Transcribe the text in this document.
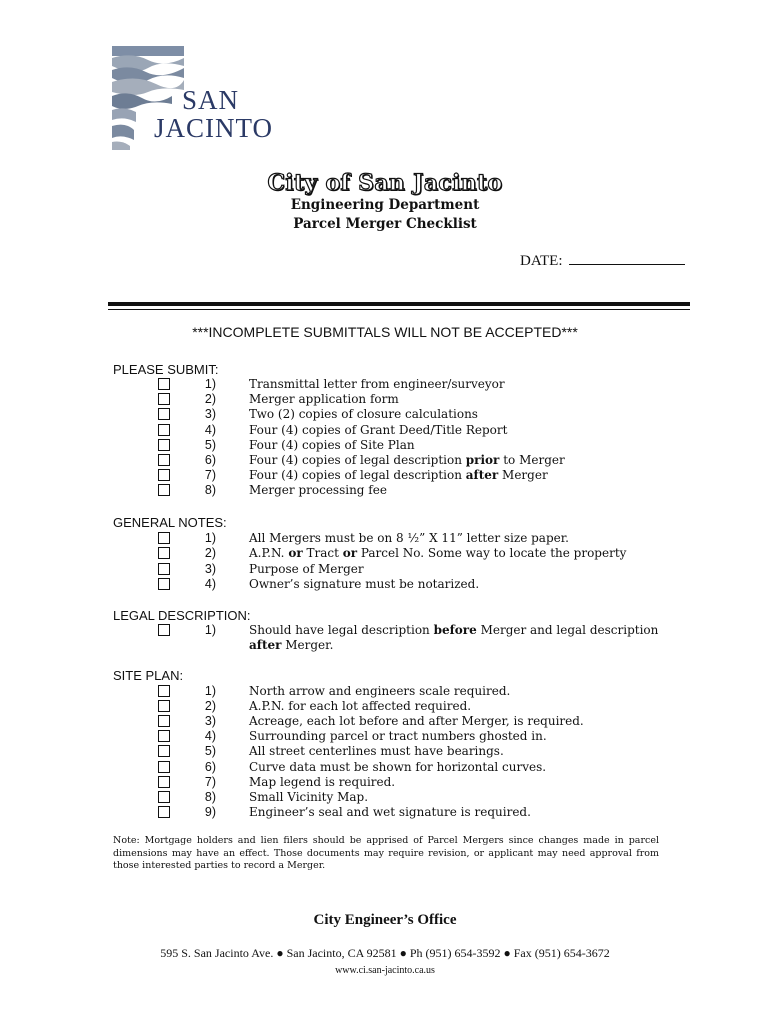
SAN
JACINTO
City of San Jacinto
Engineering Department
Parcel Merger Checklist
DATE:
***INCOMPLETE SUBMITTALS WILL NOT BE ACCEPTED***
PLEASE SUBMIT:
1)	Transmittal letter from engineer/surveyor
2)	Merger application form
3)	Two (2) copies of closure calculations
4)	Four (4) copies of Grant Deed/Title Report
5)	Four (4) copies of Site Plan
6)	Four (4) copies of legal description prior to Merger
7)	Four (4) copies of legal description after Merger
8)	Merger processing fee
GENERAL NOTES:
1)	All Mergers must be on 8 ½” X 11” letter size paper.
2)	A.P.N. or Tract or Parcel No. Some way to locate the property
3)	Purpose of Merger
4)	Owner’s signature must be notarized.
LEGAL DESCRIPTION:
1)	Should have legal description before Merger and legal description
after Merger.
SITE PLAN:
1)	North arrow and engineers scale required.
2)	A.P.N. for each lot affected required.
3)	Acreage, each lot before and after Merger, is required.
4)	Surrounding parcel or tract numbers ghosted in.
5)	All street centerlines must have bearings.
6)	Curve data must be shown for horizontal curves.
7)	Map legend is required.
8)	Small Vicinity Map.
9)	Engineer’s seal and wet signature is required.
Note: Mortgage holders and lien filers should be apprised of Parcel Mergers since changes made in parcel dimensions may have an effect. Those documents may require revision, or applicant may need approval from those interested parties to record a Merger.
City Engineer’s Office
595 S. San Jacinto Ave. ● San Jacinto, CA 92581 ● Ph (951) 654-3592 ● Fax (951) 654-3672
www.ci.san-jacinto.ca.us
